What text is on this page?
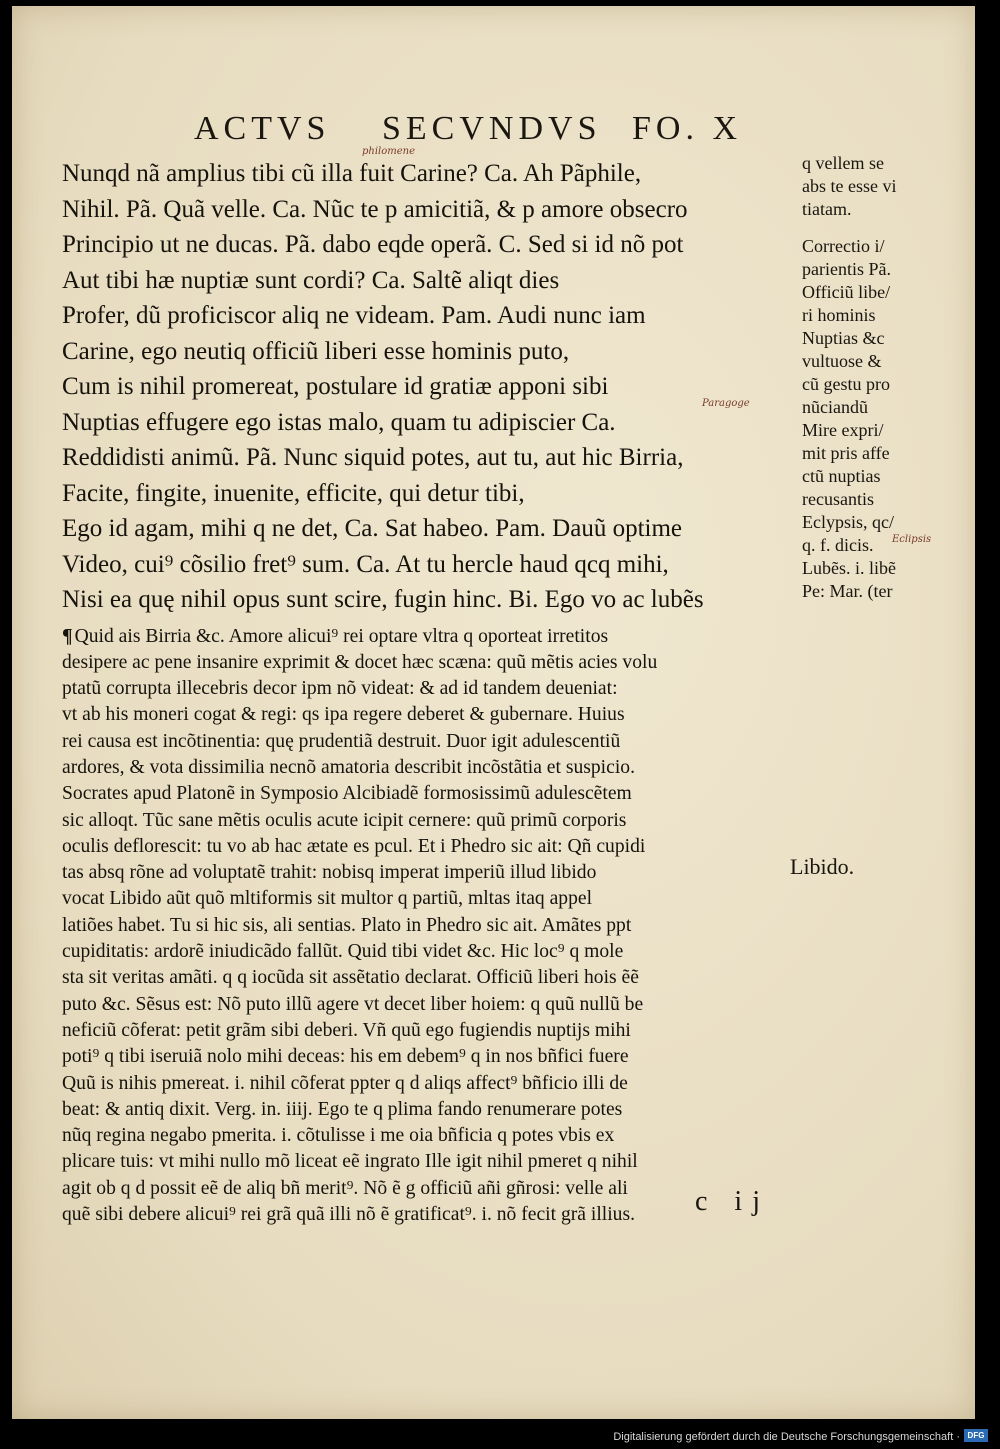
ACTVS SECVNDVS FO. X
Nunqd nã amplius tibi cũ illa fuit Carine? Ca. Ah Pãphile,
Nihil. Pã. Quã velle. Ca. Nũc te p amicitiã, & p amore obsecro
Principio ut ne ducas. Pã. dabo eqde operã. C. Sed si id nõ pot
Aut tibi hæ nuptiæ sunt cordi? Ca. Saltẽ aliqt dies
Profer, dũ proficiscor aliq ne videam. Pam. Audi nunc iam
Carine, ego neutiq officiũ liberi esse hominis puto,
Cum is nihil promereat, postulare id gratiæ apponi sibi
Nuptias effugere ego istas malo, quam tu adipiscier Ca.
Reddidisti animũ. Pã. Nunc siquid potes, aut tu, aut hic Birria,
Facite, fingite, inuenite, efficite, qui detur tibi,
Ego id agam, mihi q ne det, Ca. Sat habeo. Pam. Dauũ optime
Video, cui⁹ cõsilio fret⁹ sum. Ca. At tu hercle haud qcq mihi,
Nisi ea quę nihil opus sunt scire, fugin hinc. Bi. Ego vo ac lubẽs
¶ Quid ais Birria &c. Amore alicui⁹ rei optare vltra q oporteat irretitos
desipere ac pene insanire exprimit & docet hæc scæna: quũ mẽtis acies volu
ptatũ corrupta illecebris decor ipm nõ videat: & ad id tandem deueniat:
vt ab his moneri cogat & regi: qs ipa regere deberet & gubernare. Huius
rei causa est incõtinentia: quę prudentiã destruit. Duor igit adulescentiũ
ardores, & vota dissimilia necnõ amatoria describit incõstãtia et suspicio.
Socrates apud Platonẽ in Symposio Alcibiadẽ formosissimũ adulescẽtem
sic alloqt. Tũc sane mẽtis oculis acute icipit cernere: quũ primũ corporis
oculis deflorescit: tu vo ab hac ætate es pcul. Et i Phedro sic ait: Qñ cupidi
tas absq rõne ad voluptatẽ trahit: nobisq imperat imperiũ illud libido
vocat Libido aũt quõ mltiformis sit multor q partiũ, mltas itaq appel
latiões habet. Tu si hic sis, ali sentias. Plato in Phedro sic ait. Amãtes ppt
cupiditatis: ardorẽ iniudicãdo fallũt. Quid tibi videt &c. Hic loc⁹ q mole
sta sit veritas amãti. q q iocũda sit assẽtatio declarat. Officiũ liberi hois ẽẽ
puto &c. Sẽsus est: Nõ puto illũ agere vt decet liber hoiem: q quũ nullũ be
neficiũ cõferat: petit grãm sibi deberi. Vñ quũ ego fugiendis nuptijs mihi
poti⁹ q tibi iseruiã nolo mihi deceas: his em debem⁹ q in nos bñfici fuere
Quũ is nihis pmereat. i. nihil cõferat ppter q d aliqs affect⁹ bñficio illi de
beat: & antiq dixit. Verg. in. iiij. Ego te q plima fando renumerare potes
nũq regina negabo pmerita. i. cõtulisse i me oia bñficia q potes vbis ex
plicare tuis: vt mihi nullo mõ liceat eẽ ingrato Ille igit nihil pmeret q nihil
agit ob q d possit eẽ de aliq bñ merit⁹. Nõ ẽ g officiũ añi gñrosi: velle ali
quẽ sibi debere alicui⁹ rei grã quã illi nõ ẽ gratificat⁹. i. nõ fecit grã illius.
q vellem se
abs te esse vi
tiatam.
Correctio i/
parientis Pã.
Officiũ libe/
ri hominis
Nuptias &c
vultuose &
cũ gestu pro
nũciandũ
Mire expri/
mit pris affe
ctũ nuptias
recusantis
Eclypsis, qc/
q. f. dicis.
Lubẽs. i. libẽ
Pe: Mar. (ter
Libido.
philomene
Paragoge
Eclipsis
c ij
Digitalisierung gefördert durch die Deutsche Forschungsgemeinschaft · DFG
